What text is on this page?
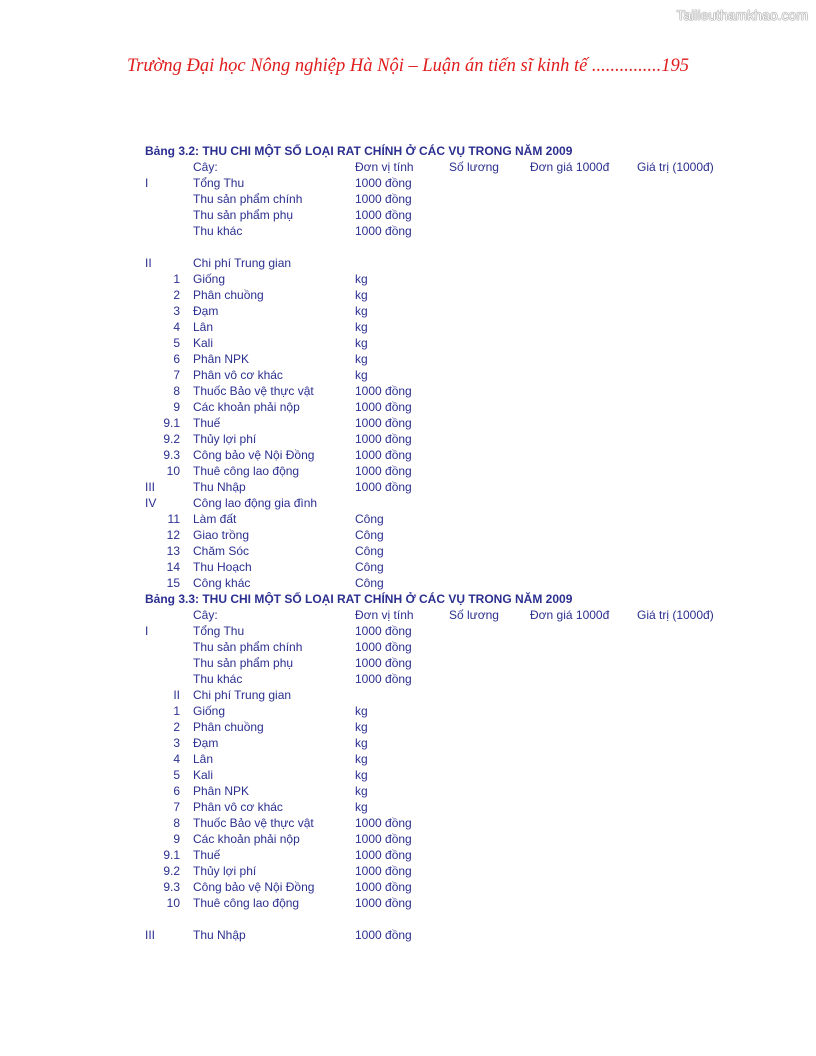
Tailieuthamkhao.com
Trường Đại học Nông nghiệp Hà Nội – Luận án tiến sĩ kinh tế ...............195
Bảng 3.2: THU CHI MỘT SỐ LOẠI RAT CHÍNH Ở CÁC VỤ TRONG NĂM 2009
Cây:	Đơn vị tính	Số lương	Đơn giá 1000đ Giá trị (1000đ)
I	Tổng Thu	1000 đồng
Thu sản phẩm chính	1000 đồng
Thu sản phẩm phụ	1000 đồng
Thu khác	1000 đồng
II	Chi phí Trung gian
1 Giống	kg
2 Phân chuồng	kg
3 Đạm	kg
4 Lân	kg
5 Kali	kg
6 Phân NPK	kg
7 Phân vô cơ khác	kg
8 Thuốc Bảo vệ thực vật	1000 đồng
9 Các khoản phải nộp	1000 đồng
9.1 Thuế	1000 đồng
9.2 Thủy lợi phí	1000 đồng
9.3 Công bảo vệ Nội Đồng	1000 đồng
10 Thuê công lao động	1000 đồng
III	Thu Nhập	1000 đồng
IV	Công lao động gia đình
11 Làm đất	Công
12 Giao trồng	Công
13 Chăm Sóc	Công
14 Thu Hoạch	Công
15 Công khác	Công
Bảng 3.3: THU CHI MỘT SỐ LOẠI RAT CHÍNH Ở CÁC VỤ TRONG NĂM 2009
Cây:	Đơn vị tính	Số lương	Đơn giá 1000đ Giá trị (1000đ)
I	Tổng Thu	1000 đồng
Thu sản phẩm chính	1000 đồng
Thu sản phẩm phụ	1000 đồng
Thu khác	1000 đồng
II Chi phí Trung gian
1 Giống	kg
2 Phân chuồng	kg
3 Đạm	kg
4 Lân	kg
5 Kali	kg
6 Phân NPK	kg
7 Phân vô cơ khác	kg
8 Thuốc Bảo vệ thực vật	1000 đồng
9 Các khoản phải nộp	1000 đồng
9.1 Thuế	1000 đồng
9.2 Thủy lợi phí	1000 đồng
9.3 Công bảo vệ Nội Đồng	1000 đồng
10 Thuê công lao động	1000 đồng
III	Thu Nhập	1000 đồng
